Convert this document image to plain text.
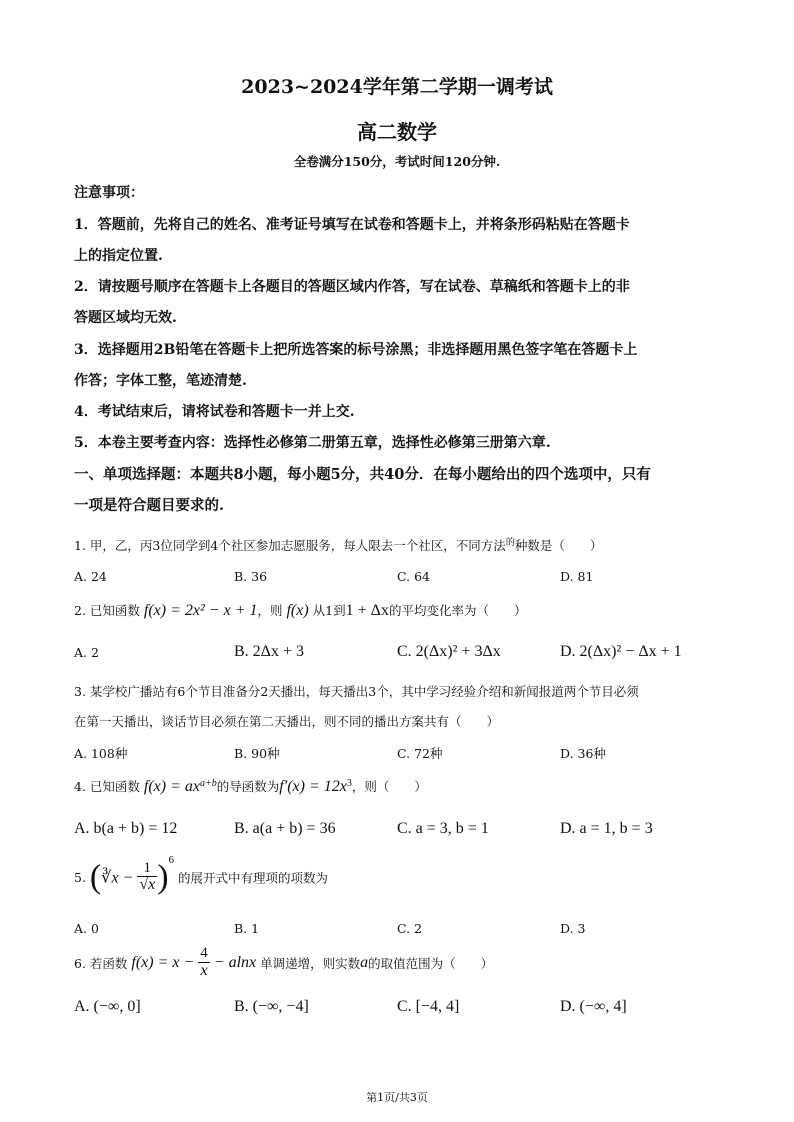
2023~2024学年第二学期一调考试
高二数学
全卷满分150分，考试时间120分钟.
注意事项：
1．答题前，先将自己的姓名、准考证号填写在试卷和答题卡上，并将条形码粘贴在答题卡
上的指定位置.
2．请按题号顺序在答题卡上各题目的答题区域内作答，写在试卷、草稿纸和答题卡上的非
答题区域均无效.
3．选择题用2B铅笔在答题卡上把所选答案的标号涂黑；非选择题用黑色签字笔在答题卡上
作答；字体工整，笔迹清楚.
4．考试结束后，请将试卷和答题卡一并上交.
5．本卷主要考查内容：选择性必修第二册第五章，选择性必修第三册第六章.
一、单项选择题：本题共8小题，每小题5分，共40分．在每小题给出的四个选项中，只有
一项是符合题目要求的.
1. 甲，乙，丙3位同学到4个社区参加志愿服务，每人限去一个社区，不同方法$^的$种数是（　　）
A. 24	B. 36	C. 64	D. 81
2. 已知函数 f(x) = 2x² − x + 1，则 f(x) 从1到1 + Δx的平均变化率为（　　）
A. 2	B. 2Δx + 3	C. 2(Δx)² + 3Δx	D. 2(Δx)² − Δx + 1
3. 某学校广播站有6个节目准备分2天播出，每天播出3个，其中学习经验介绍和新闻报道两个节目必须
在第一天播出，谈话节目必须在第二天播出，则不同的播出方案共有（　　）
A. 108种	B. 90种	C. 72种	D. 36种
4. 已知函数 $f(x) = ax^{a+b}$的导函数为$f'(x) = 12x^3$，则（　　）
A. b(a + b) = 12	B. a(a + b) = 36	C. a = 3, b = 1	D. a = 1, b = 3
5. (∛x − $\frac{1}{√x} )^6$ 的展开式中有理项的项数为
A. 0	B. 1	C. 2	D. 3
6. 若函数 $f(x) = x - \frac{4}{x} - alnx$ 单调递增，则实数a的取值范围为（　　）
A. (−∞, 0]	B. (−∞, −4]	C. [−4, 4]	D. (−∞, 4]
第1页/共3页
